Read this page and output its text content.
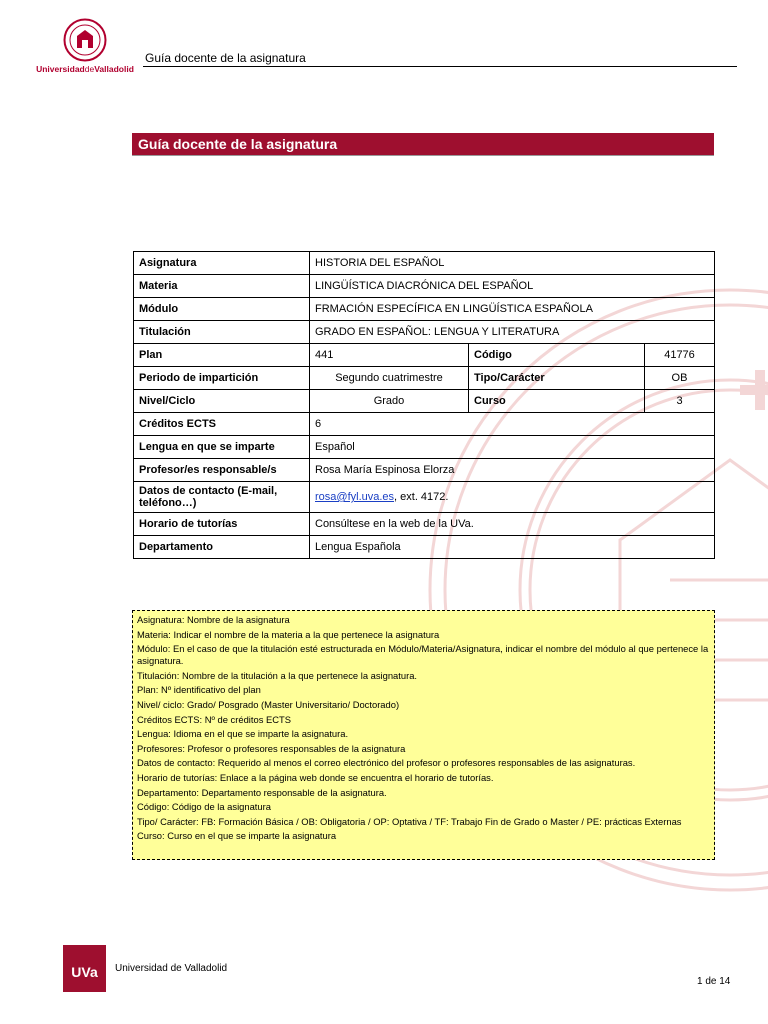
UniversidaddeValladolid
Guía docente de la asignatura
Guía docente de la asignatura
Asignatura	HISTORIA DEL ESPAÑOL		
Materia	LINGÜÍSTICA DIACRÓNICA DEL ESPAÑOL		
Módulo	FRMACIÓN ESPECÍFICA EN LINGÜÍSTICA ESPAÑOLA		
Titulación	GRADO EN ESPAÑOL: LENGUA Y LITERATURA		
Plan	441	Código	41776
Periodo de impartición	Segundo cuatrimestre	Tipo/Carácter	OB
Nivel/Ciclo	Grado	Curso	3
Créditos ECTS	6		
Lengua en que se imparte	Español		
Profesor/es responsable/s	Rosa María Espinosa Elorza		
Datos de contacto (E-mail, teléfono…)	rosa@fyl.uva.es, ext. 4172.		
Horario de tutorías	Consúltese en la web de la UVa.		
Departamento	Lengua Española		
Asignatura: Nombre de la asignatura
Materia: Indicar el nombre de la materia a la que pertenece la asignatura
Módulo: En el caso de que la titulación esté estructurada en Módulo/Materia/Asignatura, indicar el nombre del módulo al que pertenece la asignatura.
Titulación: Nombre de la titulación a la que pertenece la asignatura.
Plan: Nº identificativo del plan
Nivel/ ciclo: Grado/ Posgrado (Master Universitario/ Doctorado)
Créditos ECTS: Nº de créditos ECTS
Lengua: Idioma en el que se imparte la asignatura.
Profesores: Profesor o profesores responsables de la asignatura
Datos de contacto: Requerido al menos el correo electrónico del profesor o profesores responsables de las asignaturas.
Horario de tutorías: Enlace a la página web donde se encuentra el horario de tutorías.
Departamento: Departamento responsable de la asignatura.
Código: Código de la asignatura
Tipo/ Carácter: FB: Formación Básica / OB: Obligatoria / OP: Optativa / TF: Trabajo Fin de Grado o Master / PE: prácticas Externas
Curso: Curso en el que se imparte la asignatura
UVa	Universidad de Valladolid
1 de 14
